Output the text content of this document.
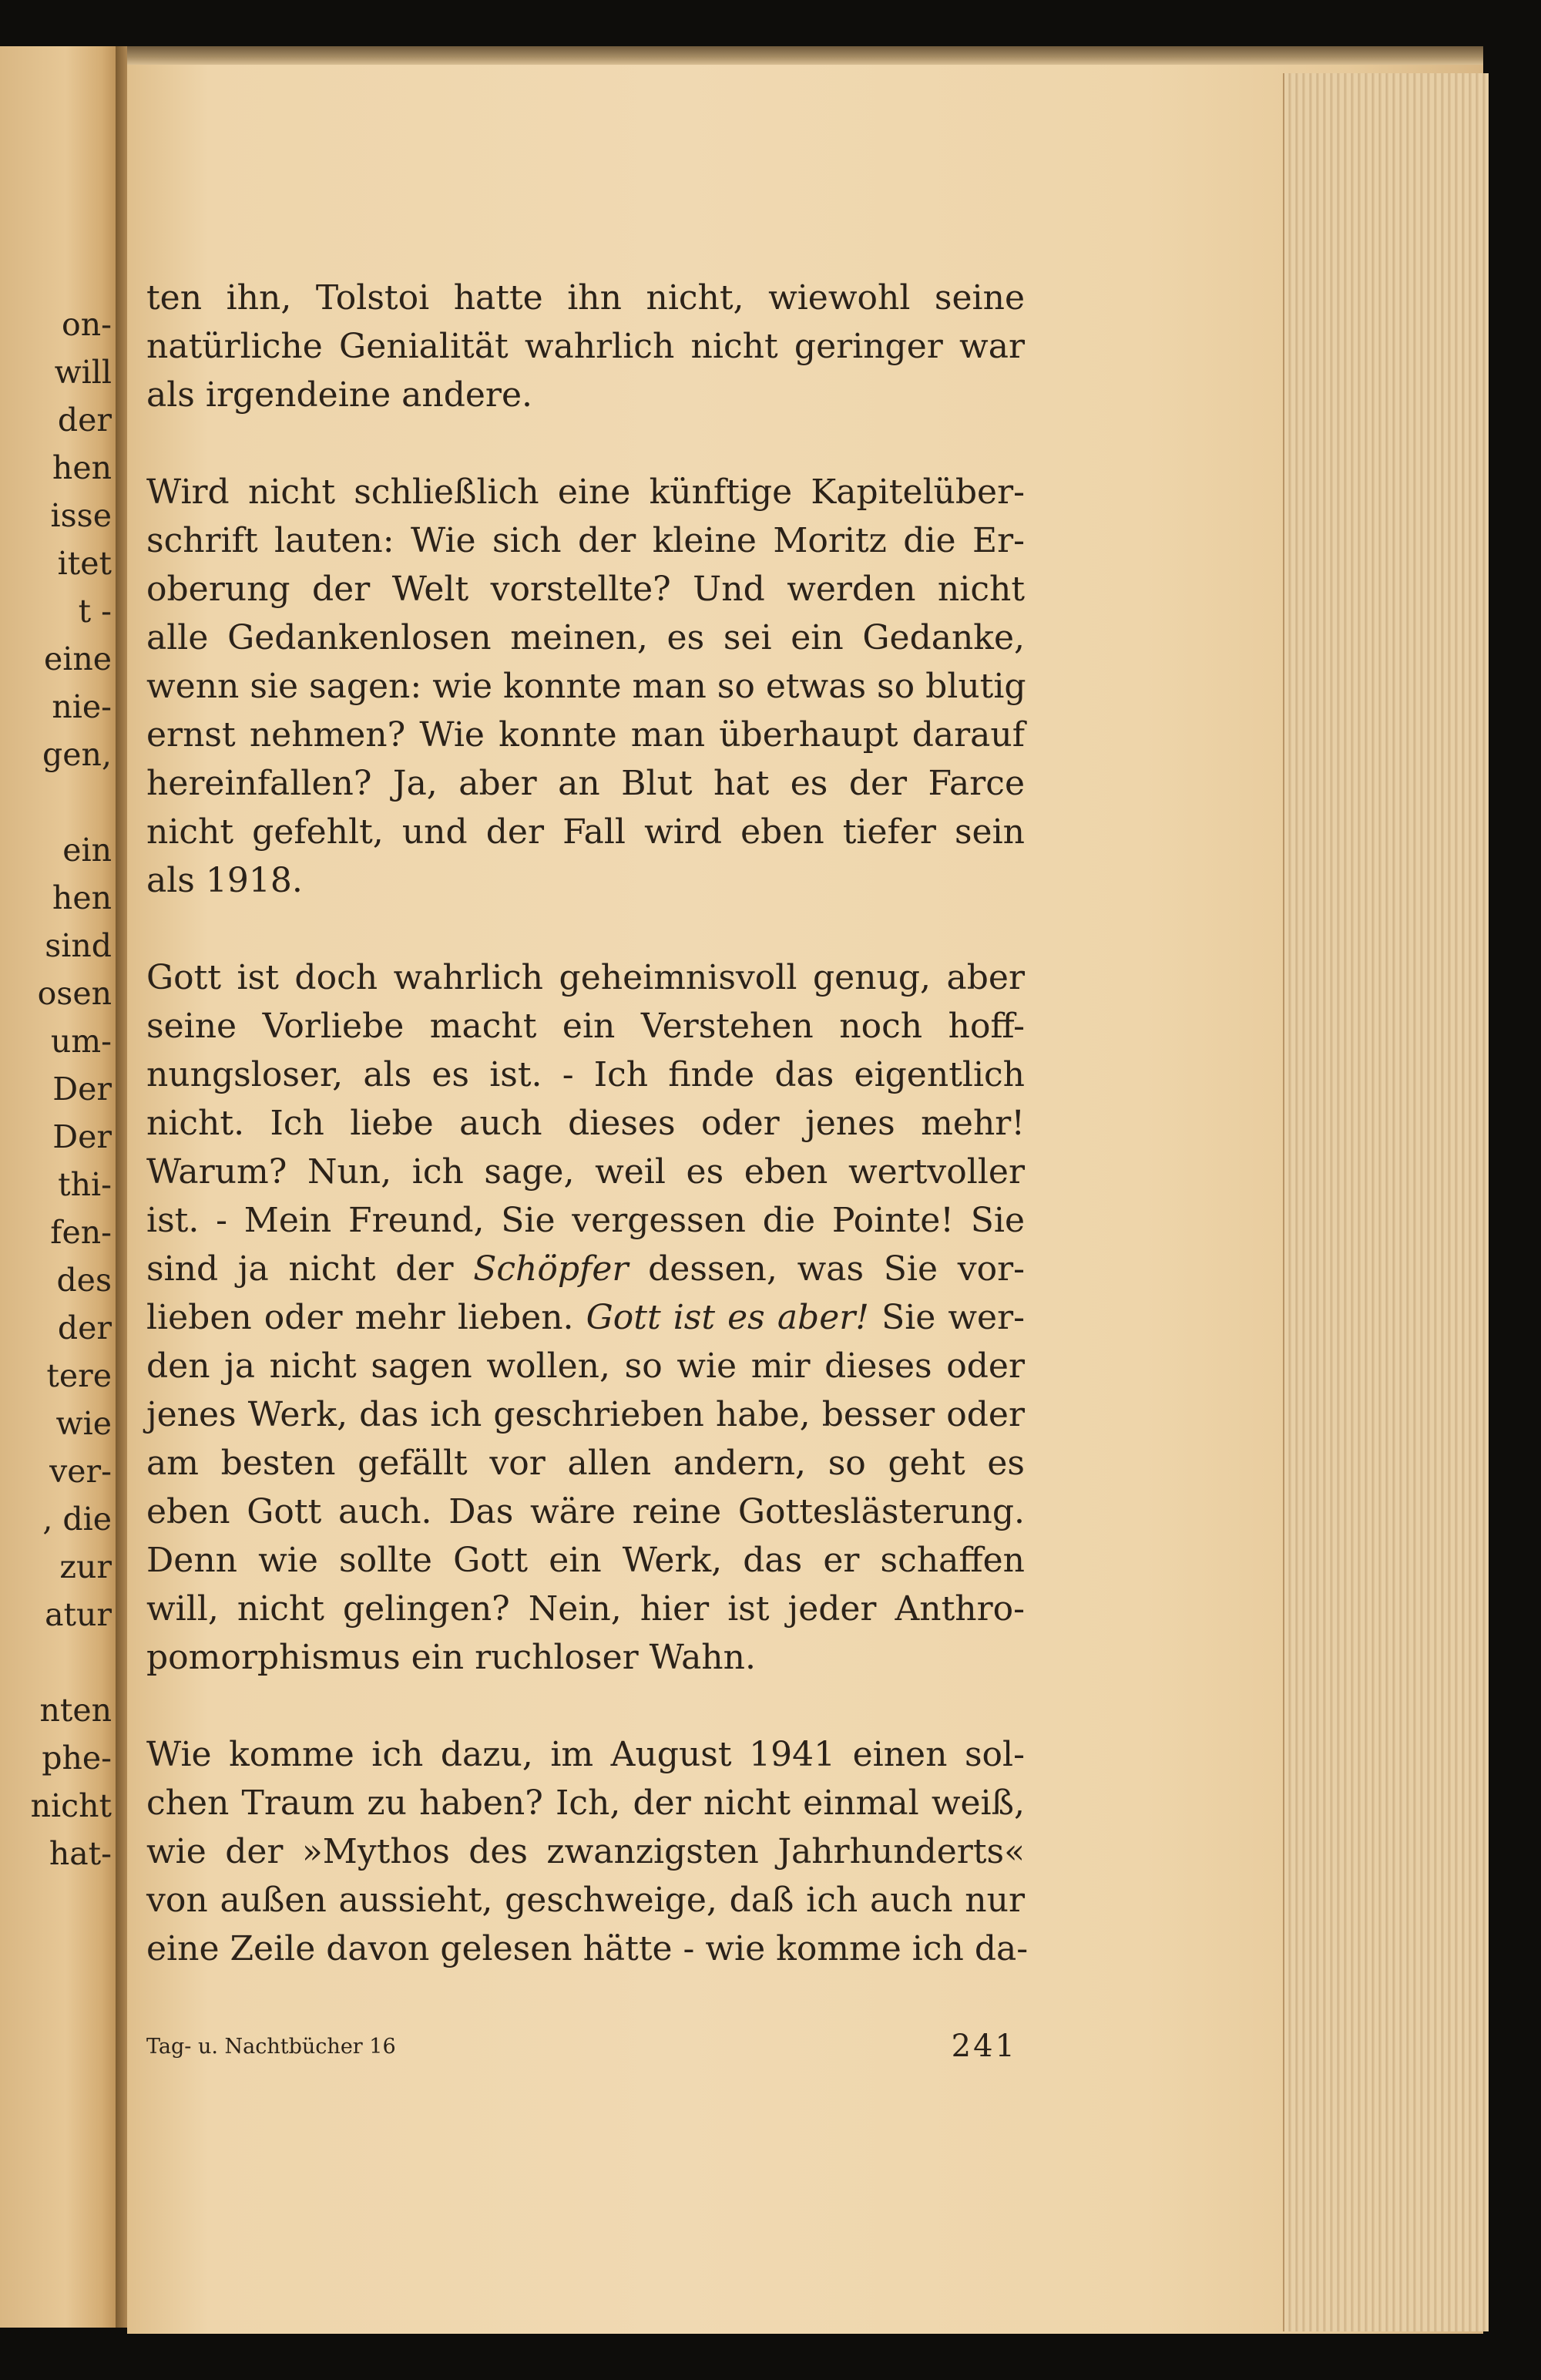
on-
will
der
hen
isse
itet
t -
eine
nie-
gen,
ein
hen
sind
osen
um-
Der
Der
thi-
fen-
des
der
tere
wie
ver-
, die
zur
atur
nten
phe-
nicht
hat-
ten ihn, Tolstoi hatte ihn nicht, wiewohl seine
natürliche Genialität wahrlich nicht geringer war
als irgendeine andere.
Wird nicht schließlich eine künftige Kapitelüber-
schrift lauten: Wie sich der kleine Moritz die Er-
oberung der Welt vorstellte? Und werden nicht
alle Gedankenlosen meinen, es sei ein Gedanke,
wenn sie sagen: wie konnte man so etwas so blutig
ernst nehmen? Wie konnte man überhaupt darauf
hereinfallen? Ja, aber an Blut hat es der Farce
nicht gefehlt, und der Fall wird eben tiefer sein
als 1918.
Gott ist doch wahrlich geheimnisvoll genug, aber
seine Vorliebe macht ein Verstehen noch hoff-
nungsloser, als es ist. - Ich finde das eigentlich
nicht. Ich liebe auch dieses oder jenes mehr!
Warum? Nun, ich sage, weil es eben wertvoller
ist. - Mein Freund, Sie vergessen die Pointe! Sie
sind ja nicht der Schöpfer dessen, was Sie vor-
lieben oder mehr lieben. Gott ist es aber! Sie wer-
den ja nicht sagen wollen, so wie mir dieses oder
jenes Werk, das ich geschrieben habe, besser oder
am besten gefällt vor allen andern, so geht es
eben Gott auch. Das wäre reine Gotteslästerung.
Denn wie sollte Gott ein Werk, das er schaffen
will, nicht gelingen? Nein, hier ist jeder Anthro-
pomorphismus ein ruchloser Wahn.
Wie komme ich dazu, im August 1941 einen sol-
chen Traum zu haben? Ich, der nicht einmal weiß,
wie der »Mythos des zwanzigsten Jahrhunderts«
von außen aussieht, geschweige, daß ich auch nur
eine Zeile davon gelesen hätte - wie komme ich da-
Tag- u. Nachtbücher 16	241
